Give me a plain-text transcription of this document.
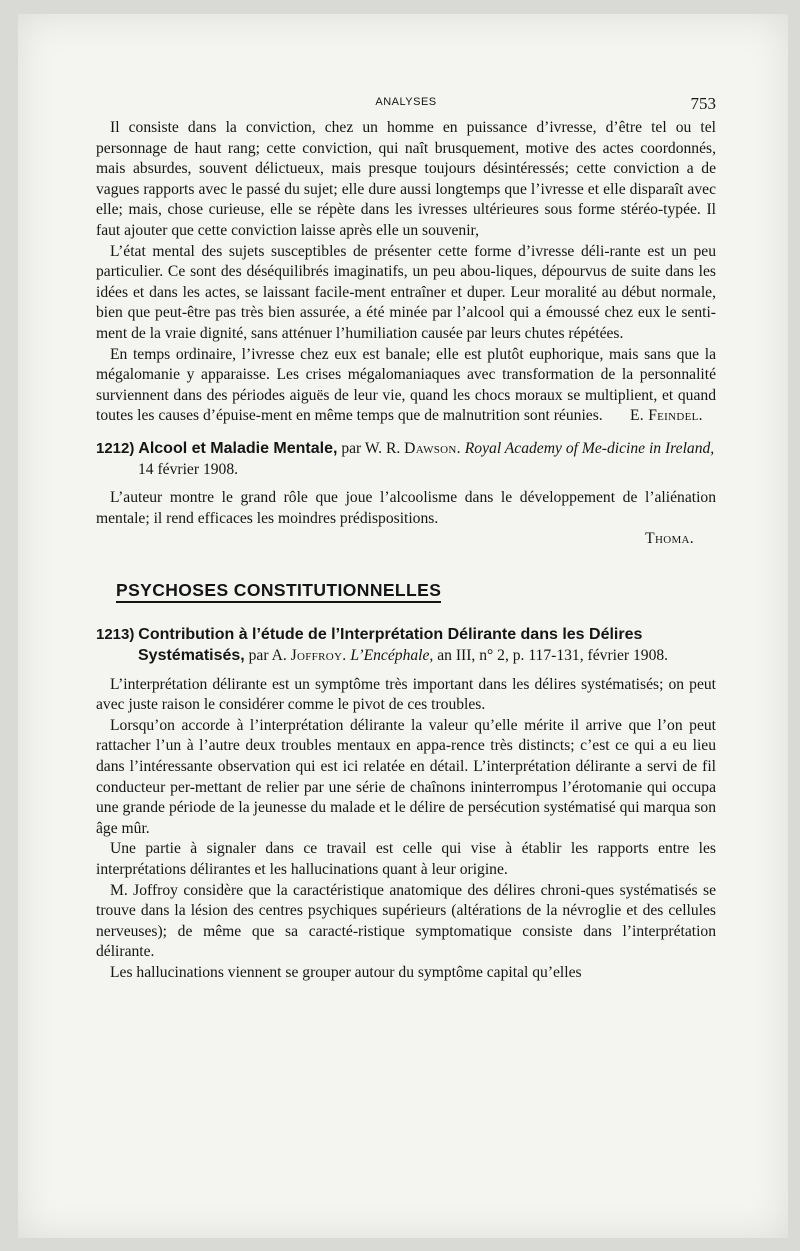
ANALYSES	753

Il consiste dans la conviction, chez un homme en puissance d’ivresse, d’être tel ou tel personnage de haut rang; cette conviction, qui naît brusquement, motive des actes coordonnés, mais absurdes, souvent délictueux, mais presque toujours désintéressés; cette conviction a de vagues rapports avec le passé du sujet; elle dure aussi longtemps que l’ivresse et elle disparaît avec elle; mais, chose curieuse, elle se répète dans les ivresses ultérieures sous forme stéréo-typée. Il faut ajouter que cette conviction laisse après elle un souvenir,

L’état mental des sujets susceptibles de présenter cette forme d’ivresse déli-rante est un peu particulier. Ce sont des déséquilibrés imaginatifs, un peu abou-liques, dépourvus de suite dans les idées et dans les actes, se laissant facile-ment entraîner et duper. Leur moralité au début normale, bien que peut-être pas très bien assurée, a été minée par l’alcool qui a émoussé chez eux le senti-ment de la vraie dignité, sans atténuer l’humiliation causée par leurs chutes répétées.

En temps ordinaire, l’ivresse chez eux est banale; elle est plutôt euphorique, mais sans que la mégalomanie y apparaisse. Les crises mégalomaniaques avec transformation de la personnalité surviennent dans des périodes aiguës de leur vie, quand les chocs moraux se multiplient, et quand toutes les causes d’épuise-ment en même temps que de malnutrition sont réunies. E. Feindel.

1212) Alcool et Maladie Mentale, par W. R. Dawson. Royal Academy of Me-dicine in Ireland, 14 février 1908.

L’auteur montre le grand rôle que joue l’alcoolisme dans le développement de l’aliénation mentale; il rend efficaces les moindres prédispositions.

Thoma.

PSYCHOSES CONSTITUTIONNELLES

1213) Contribution à l’étude de l’Interprétation Délirante dans les Délires Systématisés, par A. Joffroy. L’Encéphale, an III, n° 2, p. 117-131, février 1908.

L’interprétation délirante est un symptôme très important dans les délires systématisés; on peut avec juste raison le considérer comme le pivot de ces troubles.

Lorsqu’on accorde à l’interprétation délirante la valeur qu’elle mérite il arrive que l’on peut rattacher l’un à l’autre deux troubles mentaux en appa-rence très distincts; c’est ce qui a eu lieu dans l’intéressante observation qui est ici relatée en détail. L’interprétation délirante a servi de fil conducteur per-mettant de relier par une série de chaînons ininterrompus l’érotomanie qui occupa une grande période de la jeunesse du malade et le délire de persécution systématisé qui marqua son âge mûr.

Une partie à signaler dans ce travail est celle qui vise à établir les rapports entre les interprétations délirantes et les hallucinations quant à leur origine.

M. Joffroy considère que la caractéristique anatomique des délires chroni-ques systématisés se trouve dans la lésion des centres psychiques supérieurs (altérations de la névroglie et des cellules nerveuses); de même que sa caracté-ristique symptomatique consiste dans l’interprétation délirante.

Les hallucinations viennent se grouper autour du symptôme capital qu’elles
